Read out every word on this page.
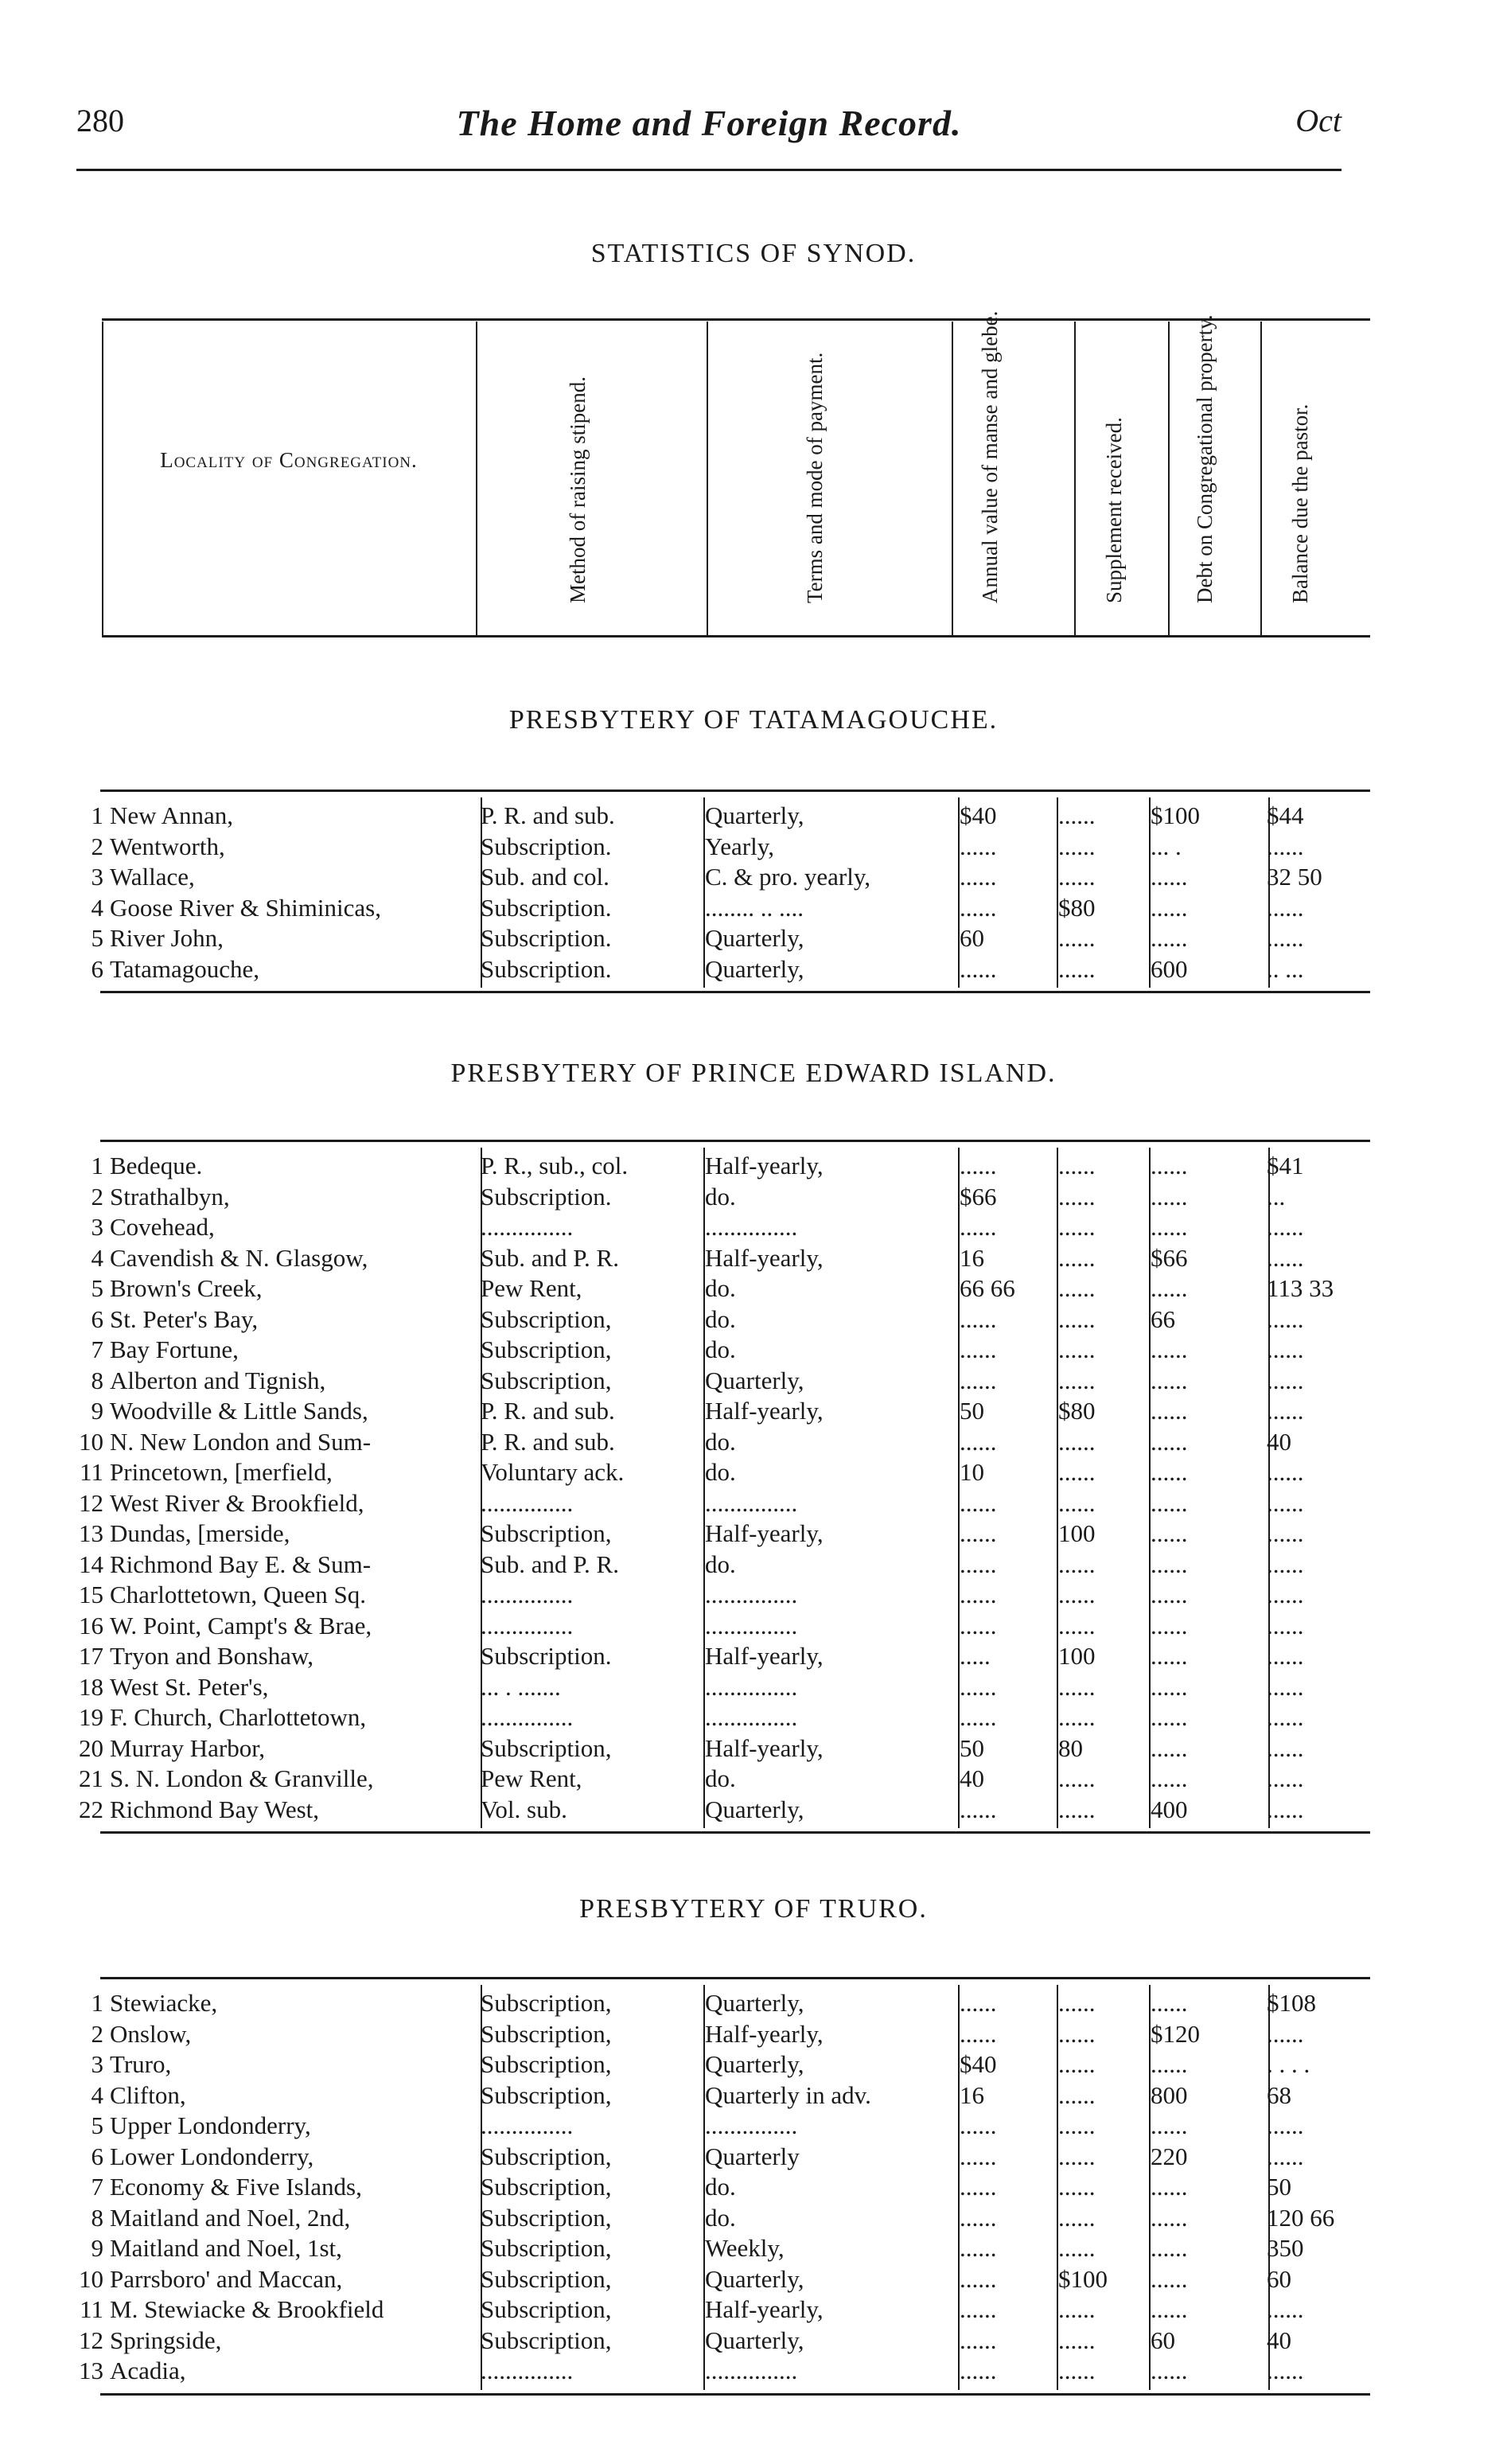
280	The Home and Foreign Record.	Oct
STATISTICS OF SYNOD.
Locality of Congregation.	Method of raising stipend.	Terms and mode of payment.	Annual value of manse and glebe.	Supplement received.	Debt on Congregational property.	Balance due the pastor.
PRESBYTERY OF TATAMAGOUCHE.
1 New Annan,	P. R. and sub.	Quarterly,	$40	......	$100	$44
2 Wentworth,	Subscription.	Yearly,	......	......	... .	......
3 Wallace,	Sub. and col.	C. & pro. yearly,	......	......	......	32 50
4 Goose River & Shiminicas,	Subscription.	........ .. ....	......	$80	......	......
5 River John,	Subscription.	Quarterly,	60	......	......	......
6 Tatamagouche,	Subscription.	Quarterly,	......	......	600	.. ...
PRESBYTERY OF PRINCE EDWARD ISLAND.
1 Bedeque.	P. R., sub., col.	Half-yearly,	......	......	......	$41
2 Strathalbyn,	Subscription.	do.	$66	......	......	...
3 Covehead,	...............	...............	......	......	......	......
4 Cavendish & N. Glasgow,	Sub. and P. R.	Half-yearly,	16	......	$66	......
5 Brown's Creek,	Pew Rent,	do.	66 66	......	......	113 33
6 St. Peter's Bay,	Subscription,	do.	......	......	66	......
7 Bay Fortune,	Subscription,	do.	......	......	......	......
8 Alberton and Tignish,	Subscription,	Quarterly,	......	......	......	......
9 Woodville & Little Sands,	P. R. and sub.	Half-yearly,	50	$80	......	......
10 N. New London and Sum-	P. R. and sub.	do.	......	......	......	40
11 Princetown, [merfield,	Voluntary ack.	do.	10	......	......	......
12 West River & Brookfield,	...............	...............	......	......	......	......
13 Dundas, [merside,	Subscription,	Half-yearly,	......	100	......	......
14 Richmond Bay E. & Sum-	Sub. and P. R.	do.	......	......	......	......
15 Charlottetown, Queen Sq.	...............	...............	......	......	......	......
16 W. Point, Campt's & Brae,	...............	...............	......	......	......	......
17 Tryon and Bonshaw,	Subscription.	Half-yearly,	.....	100	......	......
18 West St. Peter's,	... . .......	...............	......	......	......	......
19 F. Church, Charlottetown,	...............	...............	......	......	......	......
20 Murray Harbor,	Subscription,	Half-yearly,	50	80	......	......
21 S. N. London & Granville,	Pew Rent,	do.	40	......	......	......
22 Richmond Bay West,	Vol. sub.	Quarterly,	......	......	400	......
PRESBYTERY OF TRURO.
1 Stewiacke,	Subscription,	Quarterly,	......	......	......	$108
2 Onslow,	Subscription,	Half-yearly,	......	......	$120	......
3 Truro,	Subscription,	Quarterly,	$40	......	......	. . . .
4 Clifton,	Subscription,	Quarterly in adv.	16	......	800	68
5 Upper Londonderry,	...............	...............	......	......	......	......
6 Lower Londonderry,	Subscription,	Quarterly	......	......	220	......
7 Economy & Five Islands,	Subscription,	do.	......	......	......	50
8 Maitland and Noel, 2nd,	Subscription,	do.	......	......	......	120 66
9 Maitland and Noel, 1st,	Subscription,	Weekly,	......	......	......	350
10 Parrsboro' and Maccan,	Subscription,	Quarterly,	......	$100	......	60
11 M. Stewiacke & Brookfield	Subscription,	Half-yearly,	......	......	......	......
12 Springside,	Subscription,	Quarterly,	......	......	60	40
13 Acadia,	...............	...............	......	......	......	......
